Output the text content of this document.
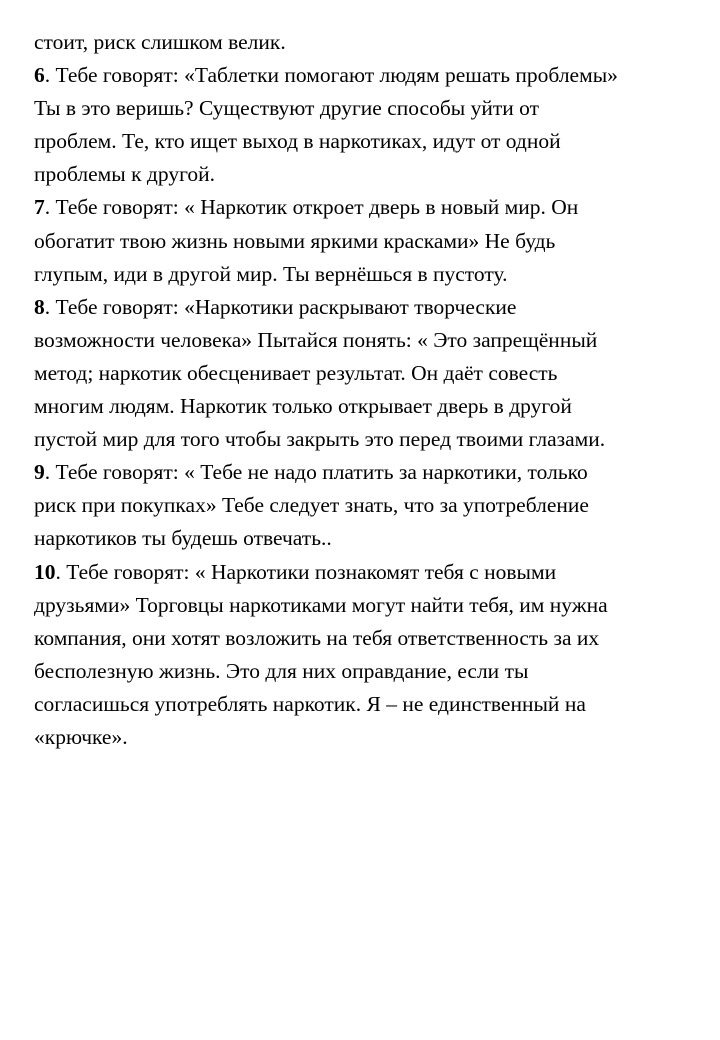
стоит, риск слишком велик.
6. Тебе говорят: «Таблетки помогают людям решать проблемы»
Ты в это веришь? Существуют другие способы уйти от
проблем. Те, кто ищет выход в наркотиках, идут от одной
проблемы к другой.
7. Тебе говорят: « Наркотик откроет дверь в новый мир. Он
обогатит твою жизнь новыми яркими красками» Не будь
глупым, иди в другой мир. Ты вернёшься в пустоту.
8. Тебе говорят: «Наркотики раскрывают творческие
возможности человека» Пытайся понять: « Это запрещённый
метод; наркотик обесценивает результат. Он даёт совесть
многим людям. Наркотик только открывает дверь в другой
пустой мир для того чтобы закрыть это перед твоими глазами.
9. Тебе говорят: « Тебе не надо платить за наркотики, только
риск при покупках» Тебе следует знать, что за употребление
наркотиков ты будешь отвечать..
10. Тебе говорят: « Наркотики познакомят тебя с новыми
друзьями» Торговцы наркотиками могут найти тебя, им нужна
компания, они хотят возложить на тебя ответственность за их
бесполезную жизнь. Это для них оправдание, если ты
согласишься употреблять наркотик. Я – не единственный на
«крючке».
